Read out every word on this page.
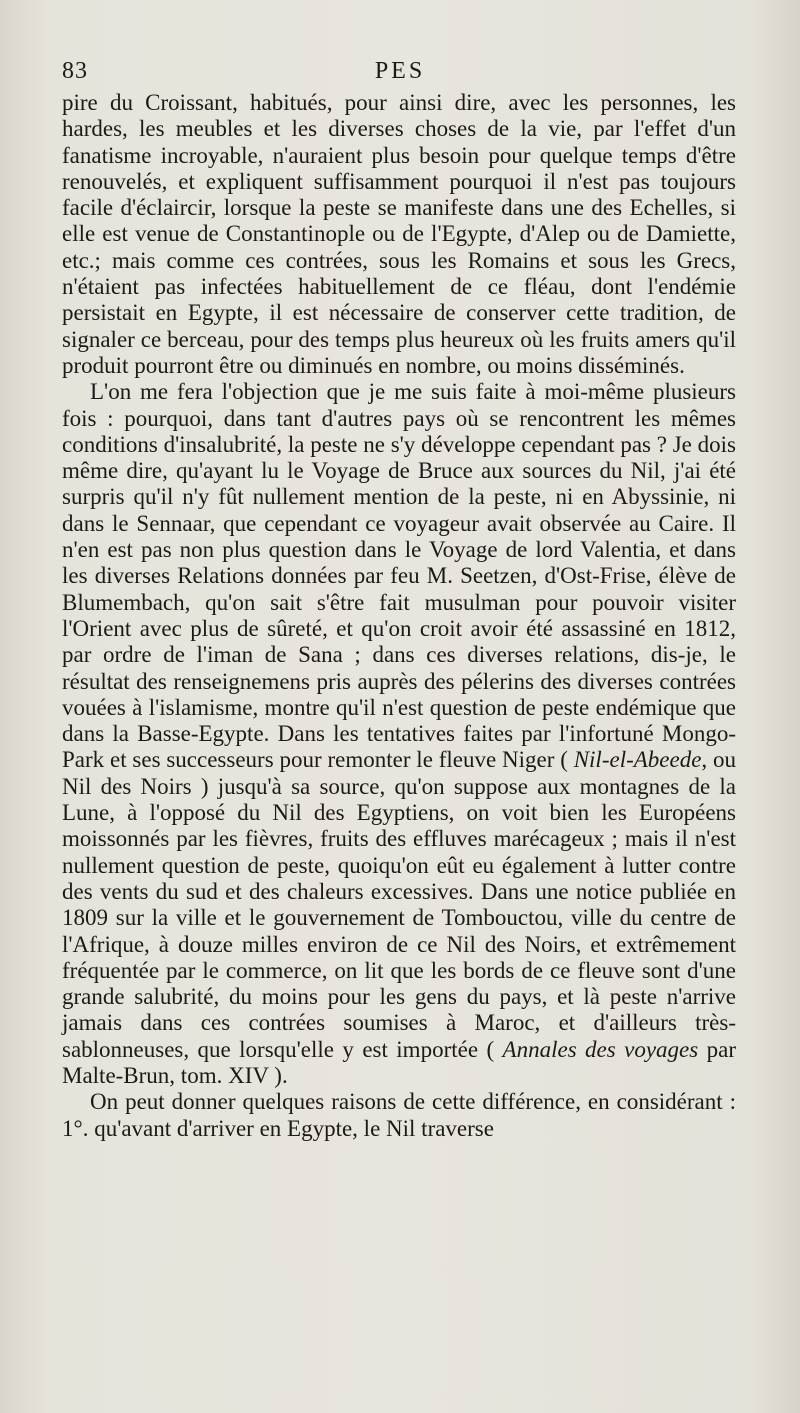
83	PES

pire du Croissant, habitués, pour ainsi dire, avec les personnes, les hardes, les meubles et les diverses choses de la vie, par l'effet d'un fanatisme incroyable, n'auraient plus besoin pour quelque temps d'être renouvelés, et expliquent suffisamment pourquoi il n'est pas toujours facile d'éclaircir, lorsque la peste se manifeste dans une des Echelles, si elle est venue de Constantinople ou de l'Egypte, d'Alep ou de Damiette, etc.; mais comme ces contrées, sous les Romains et sous les Grecs, n'étaient pas infectées habituellement de ce fléau, dont l'endémie persistait en Egypte, il est nécessaire de conserver cette tradition, de signaler ce berceau, pour des temps plus heureux où les fruits amers qu'il produit pourront être ou diminués en nombre, ou moins disséminés.

L'on me fera l'objection que je me suis faite à moi-même plusieurs fois : pourquoi, dans tant d'autres pays où se rencontrent les mêmes conditions d'insalubrité, la peste ne s'y développe cependant pas ? Je dois même dire, qu'ayant lu le Voyage de Bruce aux sources du Nil, j'ai été surpris qu'il n'y fût nullement mention de la peste, ni en Abyssinie, ni dans le Sennaar, que cependant ce voyageur avait observée au Caire. Il n'en est pas non plus question dans le Voyage de lord Valentia, et dans les diverses Relations données par feu M. Seetzen, d'Ost-Frise, élève de Blumembach, qu'on sait s'être fait musulman pour pouvoir visiter l'Orient avec plus de sûreté, et qu'on croit avoir été assassiné en 1812, par ordre de l'iman de Sana ; dans ces diverses relations, dis-je, le résultat des renseignemens pris auprès des pélerins des diverses contrées vouées à l'islamisme, montre qu'il n'est question de peste endémique que dans la Basse-Egypte. Dans les tentatives faites par l'infortuné Mongo-Park et ses successeurs pour remonter le fleuve Niger ( Nil-el-Abeede, ou Nil des Noirs ) jusqu'à sa source, qu'on suppose aux montagnes de la Lune, à l'opposé du Nil des Egyptiens, on voit bien les Européens moissonnés par les fièvres, fruits des effluves marécageux ; mais il n'est nullement question de peste, quoiqu'on eût eu également à lutter contre des vents du sud et des chaleurs excessives. Dans une notice publiée en 1809 sur la ville et le gouvernement de Tombouctou, ville du centre de l'Afrique, à douze milles environ de ce Nil des Noirs, et extrêmement fréquentée par le commerce, on lit que les bords de ce fleuve sont d'une grande salubrité, du moins pour les gens du pays, et là peste n'arrive jamais dans ces contrées soumises à Maroc, et d'ailleurs très-sablonneuses, que lorsqu'elle y est importée ( Annales des voyages par Malte-Brun, tom. XIV ).

On peut donner quelques raisons de cette différence, en considérant : 1°. qu'avant d'arriver en Egypte, le Nil traverse
